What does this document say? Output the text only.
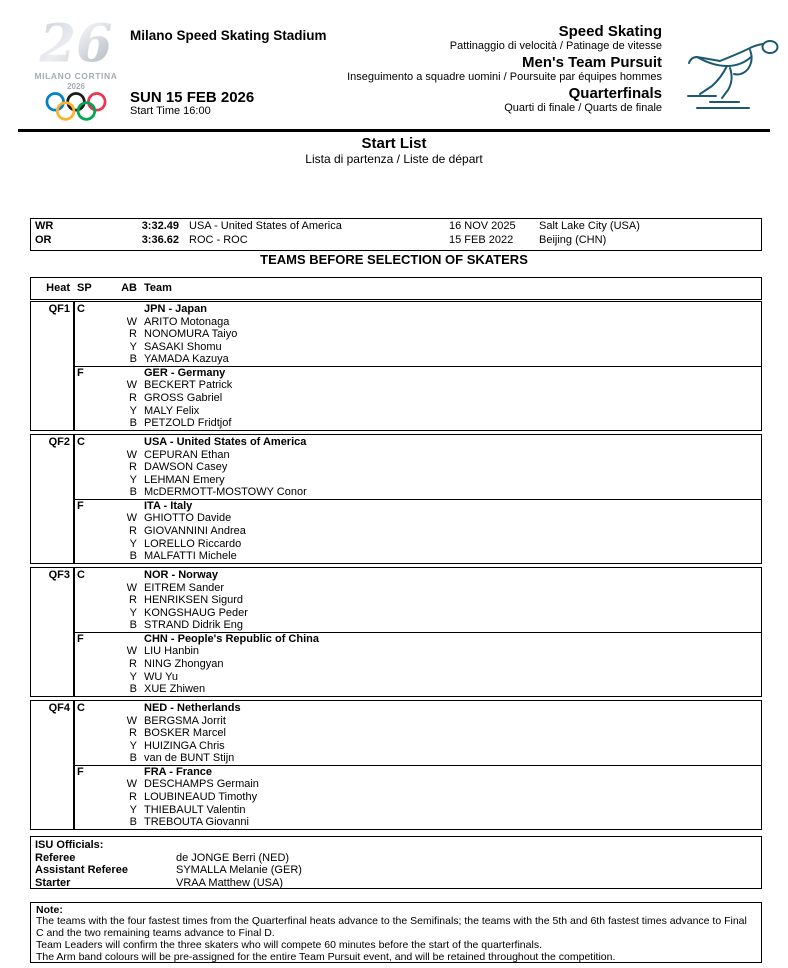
26
MILANO CORTINA
2026
Milano Speed Skating Stadium
SUN 15 FEB 2026
Start Time 16:00
Speed Skating
Pattinaggio di velocità / Patinage de vitesse
Men's Team Pursuit
Inseguimento a squadre uomini / Poursuite par équipes hommes
Quarterfinals
Quarti di finale / Quarts de finale
Start List
Lista di partenza / Liste de départ
WR	3:32.49 USA - United States of America	16 NOV 2025 Salt Lake City (USA)
OR	3:36.62 ROC - ROC	15 FEB 2022 Beijing (CHN)
TEAMS BEFORE SELECTION OF SKATERS
Heat SP	AB Team
QF1 C	JPN - Japan
W ARITO Motonaga
R NONOMURA Taiyo
Y SASAKI Shomu
B YAMADA Kazuya
F	GER - Germany
W BECKERT Patrick
R GROSS Gabriel
Y MALY Felix
B PETZOLD Fridtjof
QF2 C	USA - United States of America
W CEPURAN Ethan
R DAWSON Casey
Y LEHMAN Emery
B McDERMOTT-MOSTOWY Conor
F	ITA - Italy
W GHIOTTO Davide
R GIOVANNINI Andrea
Y LORELLO Riccardo
B MALFATTI Michele
QF3 C	NOR - Norway
W EITREM Sander
R HENRIKSEN Sigurd
Y KONGSHAUG Peder
B STRAND Didrik Eng
F	CHN - People's Republic of China
W LIU Hanbin
R NING Zhongyan
Y WU Yu
B XUE Zhiwen
QF4 C	NED - Netherlands
W BERGSMA Jorrit
R BOSKER Marcel
Y HUIZINGA Chris
B van de BUNT Stijn
F	FRA - France
W DESCHAMPS Germain
R LOUBINEAUD Timothy
Y THIEBAULT Valentin
B TREBOUTA Giovanni
ISU Officials:
Referee	de JONGE Berri (NED)
Assistant Referee	SYMALLA Melanie (GER)
Starter	VRAA Matthew (USA)
Note:
The teams with the four fastest times from the Quarterfinal heats advance to the Semifinals; the teams with the 5th and 6th fastest times advance to Final C and the two remaining teams advance to Final D.
Team Leaders will confirm the three skaters who will compete 60 minutes before the start of the quarterfinals.
The Arm band colours will be pre-assigned for the entire Team Pursuit event, and will be retained throughout the competition.
